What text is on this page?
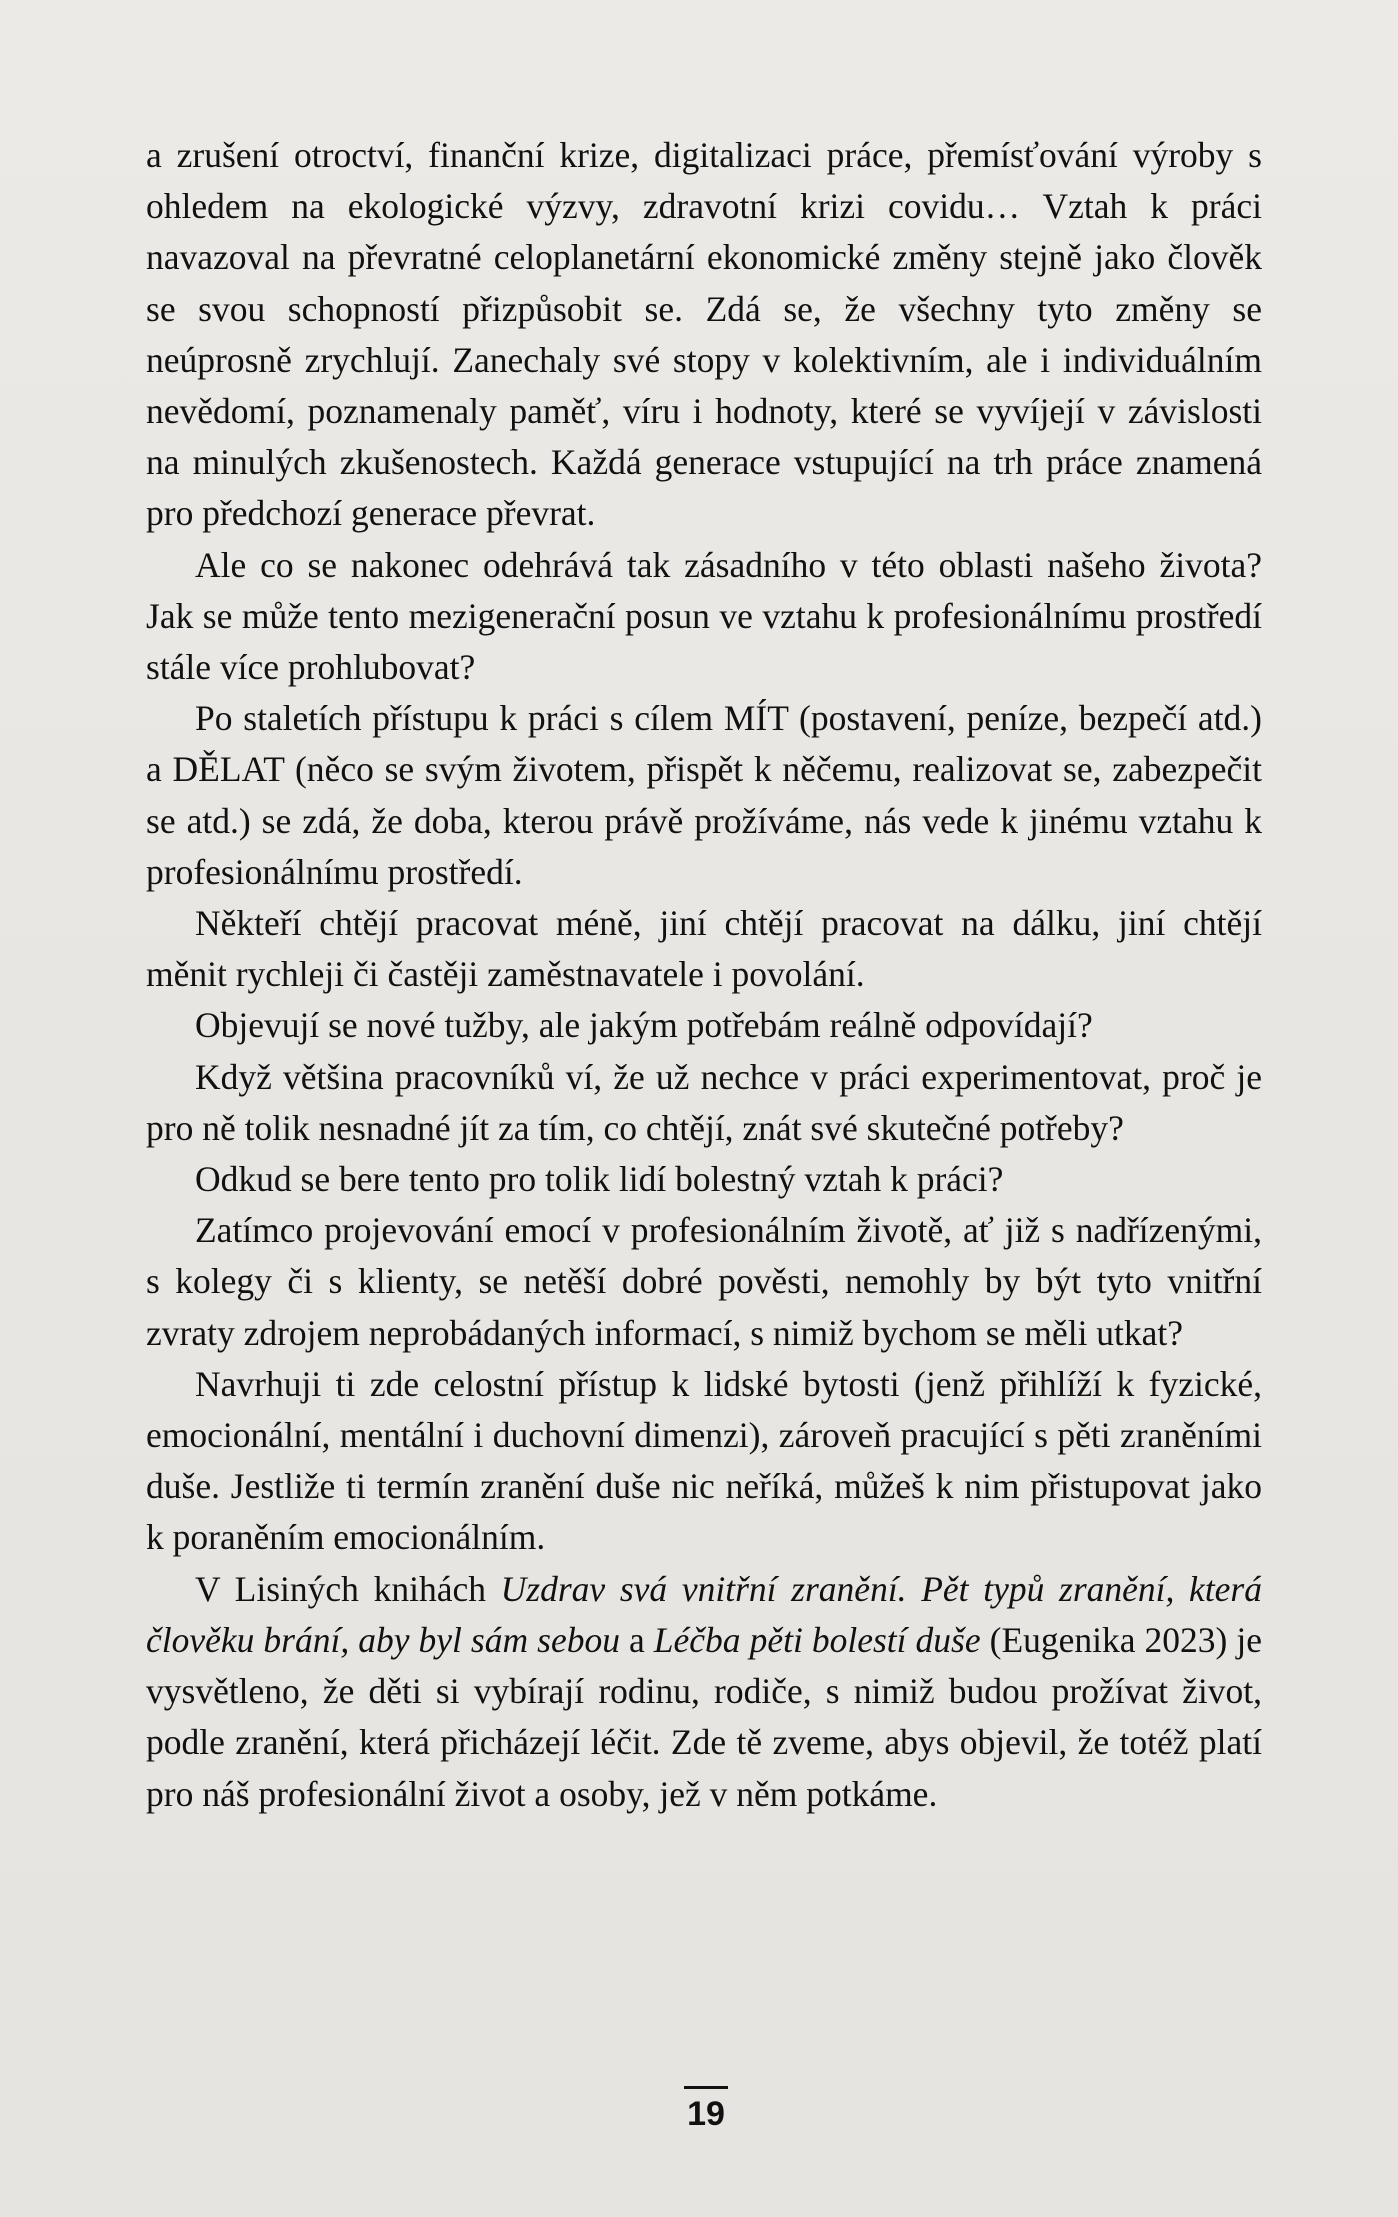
a zrušení otroctví, finanční krize, digitalizaci práce, přemísťování výroby s ohledem na ekologické výzvy, zdravotní krizi covidu… Vztah k práci navazoval na převratné celoplanetární ekonomické změny stejně jako člověk se svou schopností přizpůsobit se. Zdá se, že všechny tyto změny se neúprosně zrychlují. Zanechaly své stopy v kolektivním, ale i individuálním nevědomí, poznamenaly paměť, víru i hodnoty, které se vyvíjejí v závislosti na minulých zkušenostech. Každá generace vstupující na trh práce znamená pro předchozí generace převrat.

Ale co se nakonec odehrává tak zásadního v této oblasti našeho života? Jak se může tento mezigenerační posun ve vztahu k profesionálnímu prostředí stále více prohlubovat?

Po staletích přístupu k práci s cílem MÍT (postavení, peníze, bezpečí atd.) a DĚLAT (něco se svým životem, přispět k něčemu, realizovat se, zabezpečit se atd.) se zdá, že doba, kterou právě prožíváme, nás vede k jinému vztahu k profesionálnímu prostředí.

Někteří chtějí pracovat méně, jiní chtějí pracovat na dálku, jiní chtějí měnit rychleji či častěji zaměstnavatele i povolání.

Objevují se nové tužby, ale jakým potřebám reálně odpovídají?

Když většina pracovníků ví, že už nechce v práci experimentovat, proč je pro ně tolik nesnadné jít za tím, co chtějí, znát své skutečné potřeby?

Odkud se bere tento pro tolik lidí bolestný vztah k práci?

Zatímco projevování emocí v profesionálním životě, ať již s nadřízenými, s kolegy či s klienty, se netěší dobré pověsti, nemohly by být tyto vnitřní zvraty zdrojem neprobádaných informací, s nimiž bychom se měli utkat?

Navrhuji ti zde celostní přístup k lidské bytosti (jenž přihlíží k fyzické, emocionální, mentální i duchovní dimenzi), zároveň pracující s pěti zraněními duše. Jestliže ti termín zranění duše nic neříká, můžeš k nim přistupovat jako k poraněním emocionálním.

V Lisiných knihách Uzdrav svá vnitřní zranění. Pět typů zranění, která člověku brání, aby byl sám sebou a Léčba pěti bolestí duše (Eugenika 2023) je vysvětleno, že děti si vybírají rodinu, rodiče, s nimiž budou prožívat život, podle zranění, která přicházejí léčit. Zde tě zveme, abys objevil, že totéž platí pro náš profesionální život a osoby, jež v něm potkáme.

19
